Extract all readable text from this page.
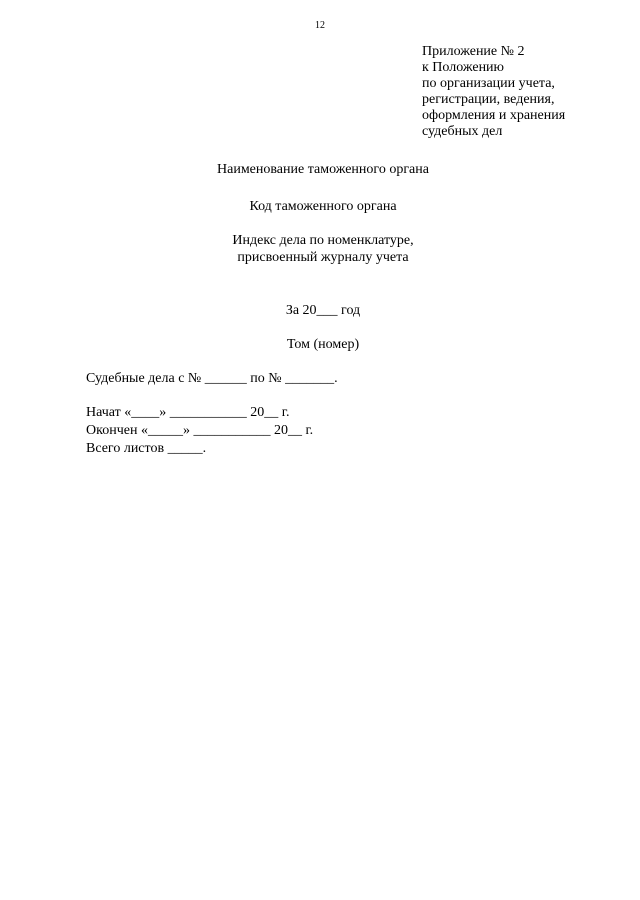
12
Приложение № 2
к Положению
по организации учета,
регистрации, ведения,
оформления и хранения
судебных дел
Наименование таможенного органа
Код таможенного органа
Индекс дела по номенклатуре,
присвоенный журналу учета
За 20___ год
Том (номер)
Судебные дела с № ______ по № _______.
Начат «____» ___________ 20__ г.
Окончен «_____» ___________ 20__ г.
Всего листов _____.
